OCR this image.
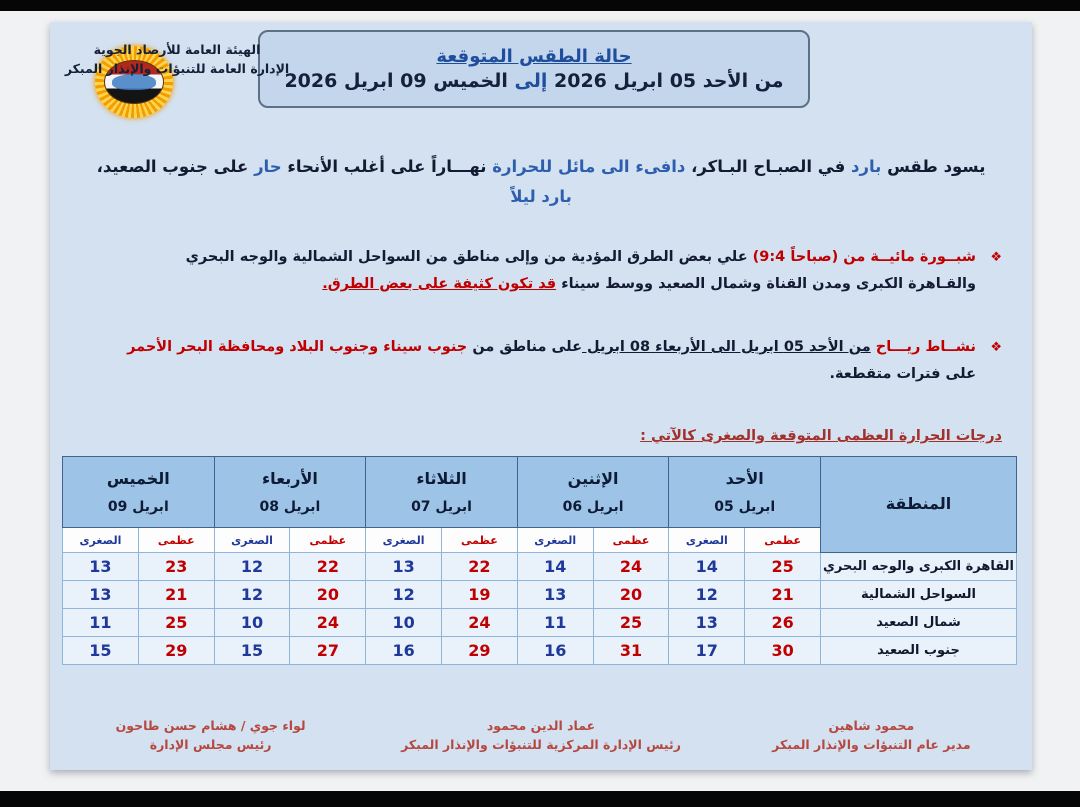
حالة الطقس المتوقعة
من الأحد 05 ابريل 2026 إلى الخميس 09 ابريل 2026
الهيئة العامة للأرصاد الجوية
الإدارة العامة للتنبؤات والإنذار المبكر
يسود طقس بارد في الصبـاح البـاكر، دافىء الى مائل للحرارة نهـــاراً على أغلب الأنحاء حار على جنوب الصعيد،
بارد ليلاً
❖
شبــورة مائيــة من (9:4 صباحاً) علي بعض الطرق المؤدية من وإلى مناطق من السواحل الشمالية والوجه البحري
والقـاهرة الكبرى ومدن القناة وشمال الصعيد ووسط سيناء قد تكون كثيفة على بعض الطرق.
❖
نشــاط ريـــاح من الأحد 05 ابريل الى الأربعاء 08 ابريل على مناطق من جنوب سيناء وجنوب البلاد ومحافظة البحر الأحمر
على فترات متقطعة.
درجات الحرارة العظمى المتوقعة والصغرى كالآتي :
المنطقة	
الأحد
05 ابريل

الإثنين
06 ابريل

الثلاثاء
07 ابريل

الأربعاء
08 ابريل

الخميس
09 ابريل

	عظمى	الصغرى	عظمى	الصغرى	عظمى	الصغرى	عظمى	الصغرى	عظمى	الصغرى
القاهرة الكبرى والوجه البحري	25	14	24	14	22	13	22	12	23	13
السواحل الشمالية	21	12	20	13	19	12	20	12	21	13
شمال الصعيد	26	13	25	11	24	10	24	10	25	11
جنوب الصعيد	30	17	31	16	29	16	27	15	29	15
محمود شاهين
مدير عام التنبؤات والإنذار المبكر
عماد الدين محمود
رئيس الإدارة المركزية للتنبؤات والإنذار المبكر
لواء جوي / هشام حسن طاحون
رئيس مجلس الإدارة
